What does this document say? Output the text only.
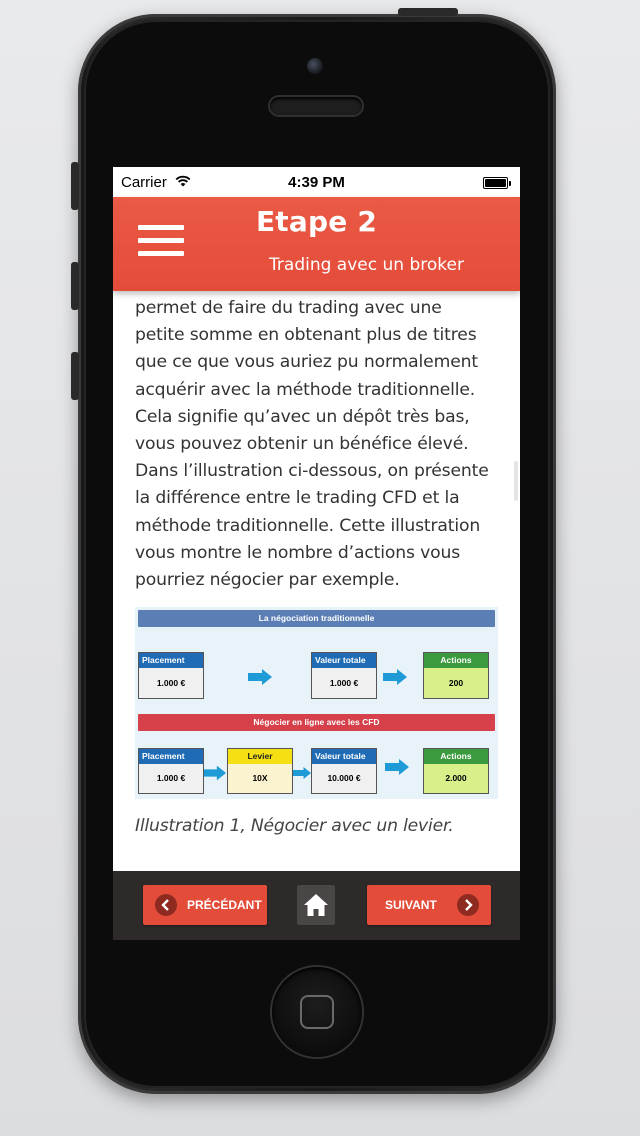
Carrier	4:39 PM
Etape 2
Trading avec un broker
permet de faire du trading avec une
petite somme en obtenant plus de titres
que ce que vous auriez pu normalement
acquérir avec la méthode traditionnelle.
Cela signifie qu’avec un dépôt très bas,
vous pouvez obtenir un bénéfice élevé.
Dans l’illustration ci-dessous, on présente
la différence entre le trading CFD et la
méthode traditionnelle. Cette illustration
vous montre le nombre d’actions vous
pourriez négocier par exemple.
La négociation traditionnelle
Placement
1.000 €
Valeur totale
1.000 €
Actions
200
Négocier en ligne avec les CFD
Placement
1.000 €
Levier
10X
Valeur totale
10.000 €
Actions
2.000
Illustration 1, Négocier avec un levier.
PRÉCÉDANT	SUIVANT
